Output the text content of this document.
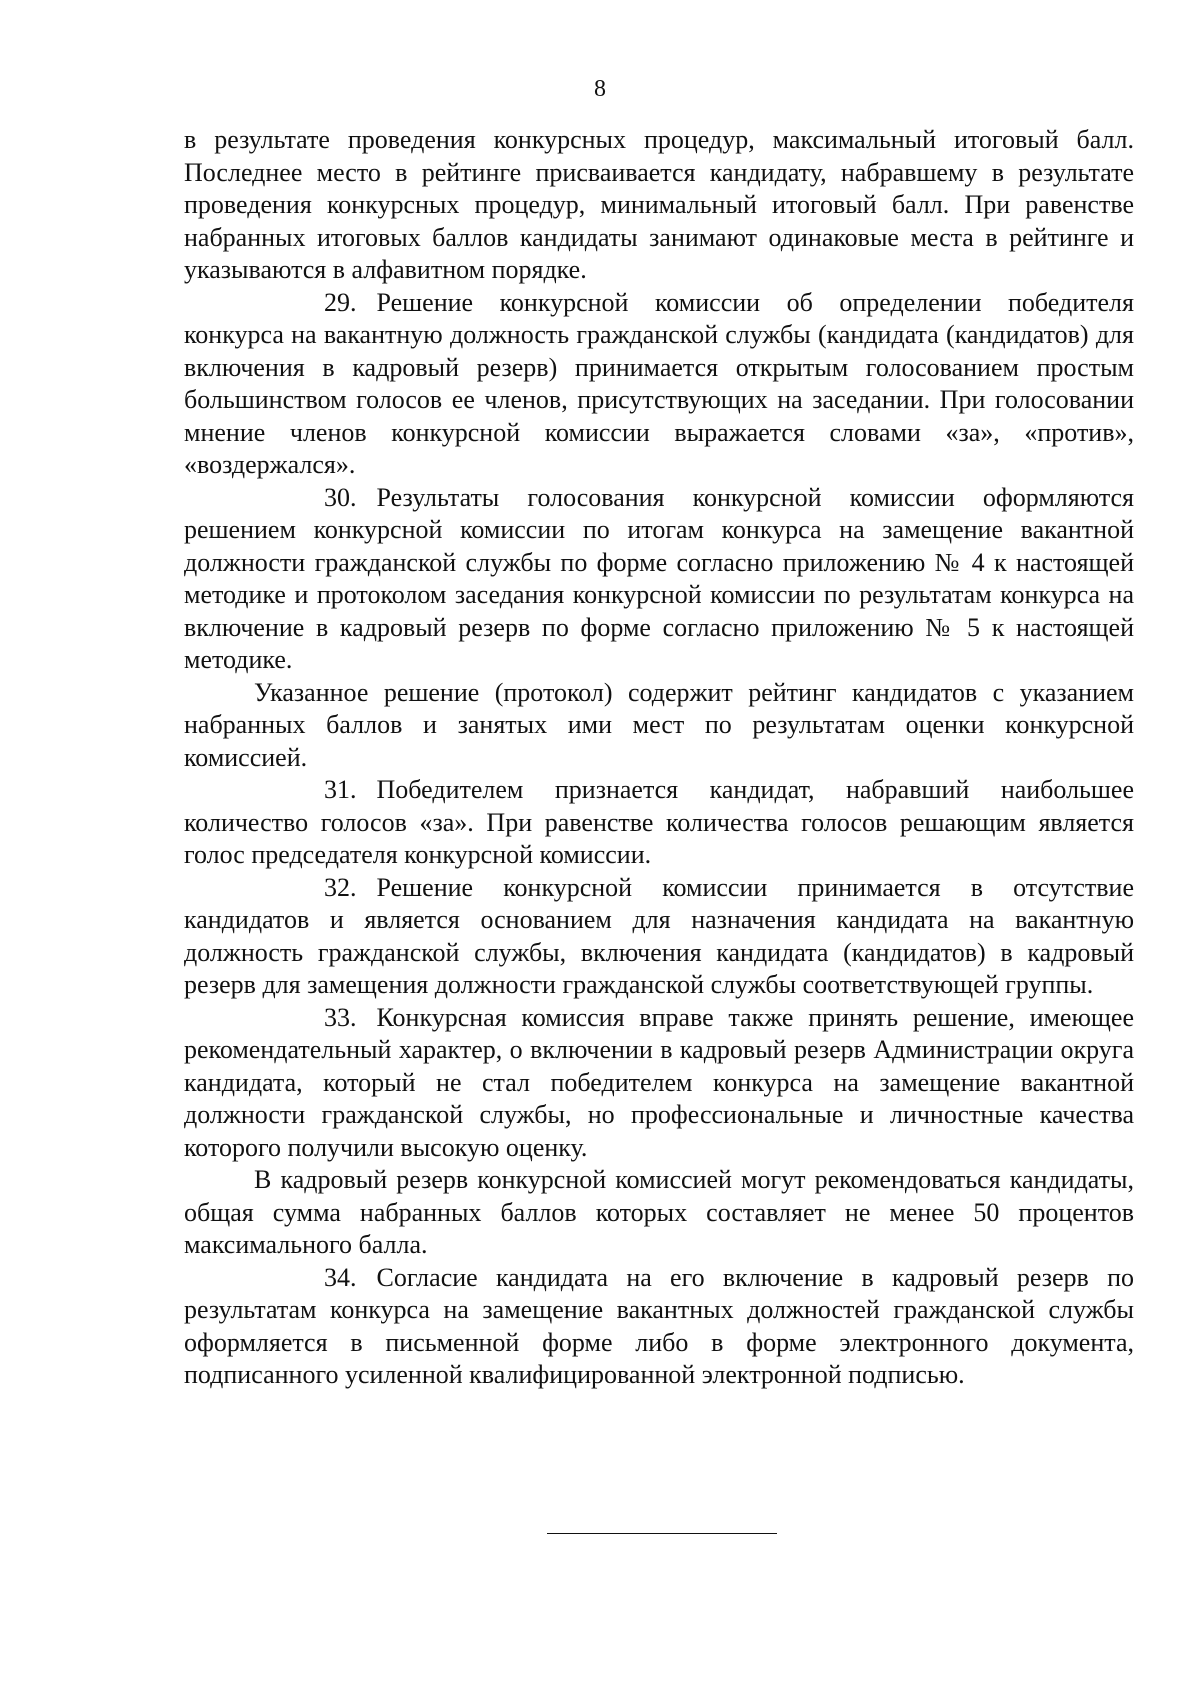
8

в результате проведения конкурсных процедур, максимальный итоговый балл. Последнее место в рейтинге присваивается кандидату, набравшему в результате проведения конкурсных процедур, минимальный итоговый балл. При равенстве набранных итоговых баллов кандидаты занимают одинаковые места в рейтинге и указываются в алфавитном порядке.

29. Решение конкурсной комиссии об определении победителя конкурса на вакантную должность гражданской службы (кандидата (кандидатов) для включения в кадровый резерв) принимается открытым голосованием простым большинством голосов ее членов, присутствующих на заседании. При голосовании мнение членов конкурсной комиссии выражается словами «за», «против», «воздержался».

30. Результаты голосования конкурсной комиссии оформляются решением конкурсной комиссии по итогам конкурса на замещение вакантной должности гражданской службы по форме согласно приложению № 4 к настоящей методике и протоколом заседания конкурсной комиссии по результатам конкурса на включение в кадровый резерв по форме согласно приложению № 5 к настоящей методике.

Указанное решение (протокол) содержит рейтинг кандидатов с указанием набранных баллов и занятых ими мест по результатам оценки конкурсной комиссией.

31. Победителем признается кандидат, набравший наибольшее количество голосов «за». При равенстве количества голосов решающим является голос председателя конкурсной комиссии.

32. Решение конкурсной комиссии принимается в отсутствие кандидатов и является основанием для назначения кандидата на вакантную должность гражданской службы, включения кандидата (кандидатов) в кадровый резерв для замещения должности гражданской службы соответствующей группы.

33. Конкурсная комиссия вправе также принять решение, имеющее рекомендательный характер, о включении в кадровый резерв Администрации округа кандидата, который не стал победителем конкурса на замещение вакантной должности гражданской службы, но профессиональные и личностные качества которого получили высокую оценку.

В кадровый резерв конкурсной комиссией могут рекомендоваться кандидаты, общая сумма набранных баллов которых составляет не менее 50 процентов максимального балла.

34. Согласие кандидата на его включение в кадровый резерв по результатам конкурса на замещение вакантных должностей гражданской службы оформляется в письменной форме либо в форме электронного документа, подписанного усиленной квалифицированной электронной подписью.
